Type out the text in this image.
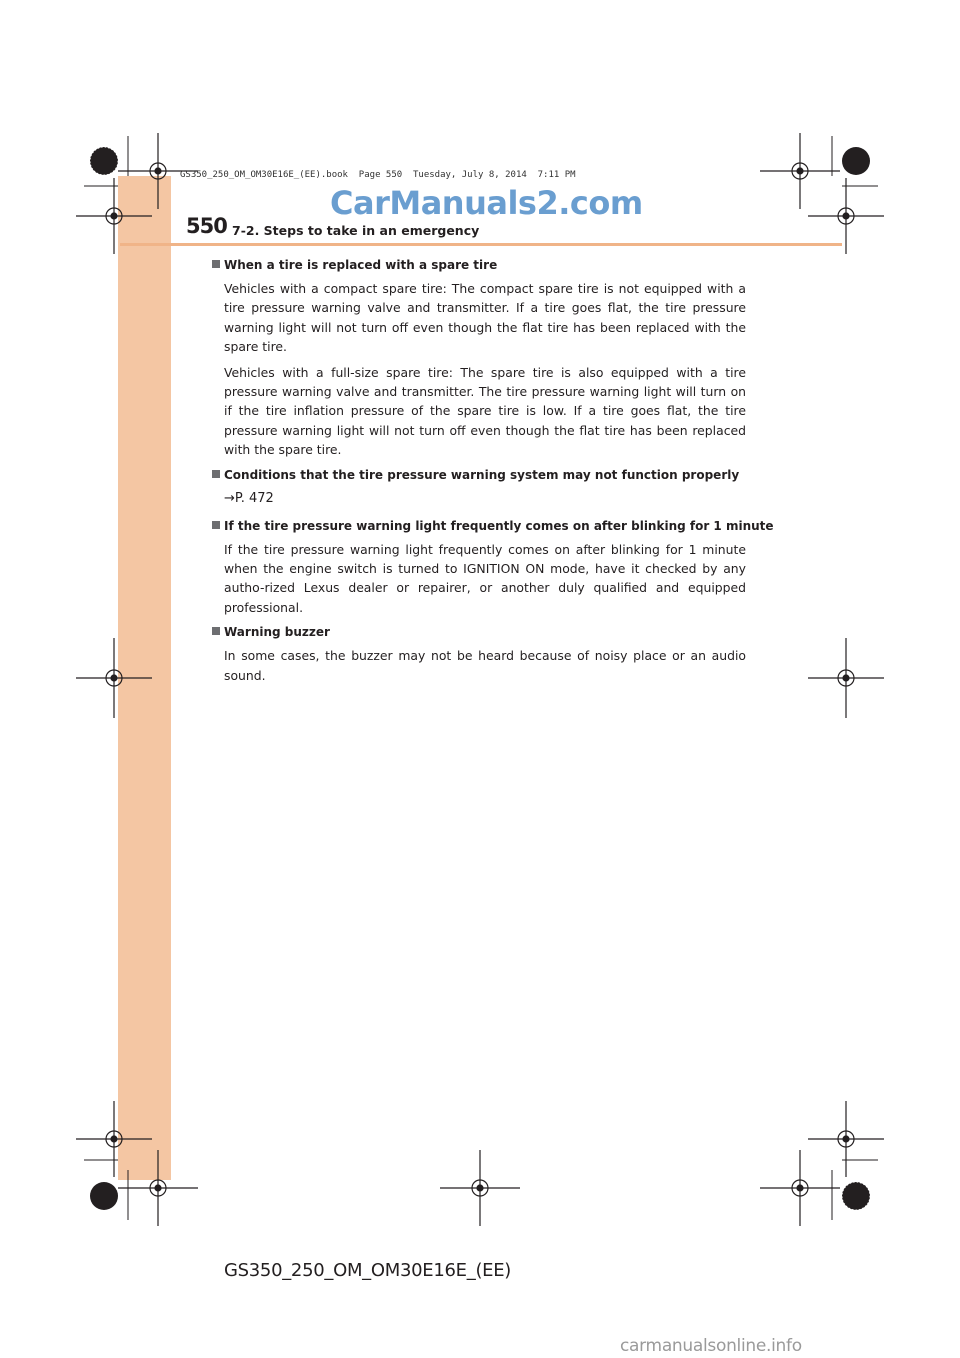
GS350_250_OM_OM30E16E_(EE).book  Page 550  Tuesday, July 8, 2014  7:11 PM
CarManuals2.com
550 7-2. Steps to take in an emergency
When a tire is replaced with a spare tire

Vehicles with a compact spare tire: The compact spare tire is not equipped with a tire pressure warning valve and transmitter. If a tire goes flat, the tire pressure warning light will not turn off even though the flat tire has been replaced with the spare tire.

Vehicles with a full-size spare tire: The spare tire is also equipped with a tire pressure warning valve and transmitter. The tire pressure warning light will turn on if the tire inflation pressure of the spare tire is low. If a tire goes flat, the tire pressure warning light will not turn off even though the flat tire has been replaced with the spare tire.

Conditions that the tire pressure warning system may not function properly

→P. 472

If the tire pressure warning light frequently comes on after blinking for 1 minute

If the tire pressure warning light frequently comes on after blinking for 1 minute when the engine switch is turned to IGNITION ON mode, have it checked by any autho-rized Lexus dealer or repairer, or another duly qualified and equipped professional.

Warning buzzer

In some cases, the buzzer may not be heard because of noisy place or an audio sound.

GS350_250_OM_OM30E16E_(EE)
carmanualsonline.info
